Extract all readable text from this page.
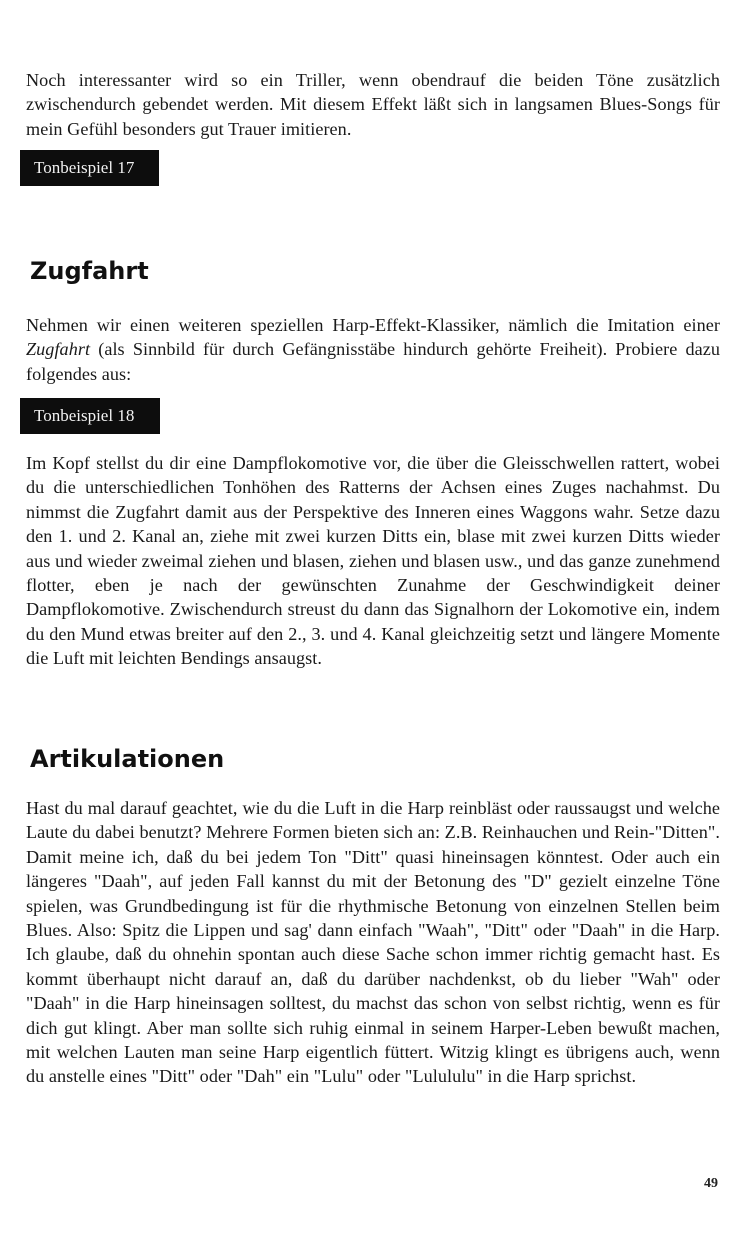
Noch interessanter wird so ein Triller, wenn obendrauf die beiden Töne zusätzlich zwischendurch gebendet werden. Mit diesem Effekt läßt sich in langsamen Blues-Songs für mein Gefühl besonders gut Trauer imitieren.

Tonbeispiel 17
Zugfahrt

Nehmen wir einen weiteren speziellen Harp-Effekt-Klassiker, nämlich die Imitation einer Zugfahrt (als Sinnbild für durch Gefängnisstäbe hindurch gehörte Freiheit). Probiere dazu folgendes aus:

Tonbeispiel 18

Im Kopf stellst du dir eine Dampflokomotive vor, die über die Gleisschwellen rattert, wobei du die unterschiedlichen Tonhöhen des Ratterns der Achsen eines Zuges nachahmst. Du nimmst die Zugfahrt damit aus der Perspektive des Inneren eines Waggons wahr. Setze dazu den 1. und 2. Kanal an, ziehe mit zwei kurzen Ditts ein, blase mit zwei kurzen Ditts wieder aus und wieder zweimal ziehen und blasen, ziehen und blasen usw., und das ganze zunehmend flotter, eben je nach der gewünschten Zunahme der Geschwindigkeit deiner Dampflokomotive. Zwischendurch streust du dann das Signalhorn der Lokomotive ein, indem du den Mund etwas breiter auf den 2., 3. und 4. Kanal gleichzeitig setzt und längere Momente die Luft mit leichten Bendings ansaugst.

Artikulationen

Hast du mal darauf geachtet, wie du die Luft in die Harp reinbläst oder raussaugst und welche Laute du dabei benutzt? Mehrere Formen bieten sich an: Z.B. Reinhauchen und Rein-"Ditten". Damit meine ich, daß du bei jedem Ton "Ditt" quasi hineinsagen könntest. Oder auch ein längeres "Daah", auf jeden Fall kannst du mit der Betonung des "D" gezielt einzelne Töne spielen, was Grundbedingung ist für die rhythmische Betonung von einzelnen Stellen beim Blues. Also: Spitz die Lippen und sag' dann einfach "Waah", "Ditt" oder "Daah" in die Harp. Ich glaube, daß du ohnehin spontan auch diese Sache schon immer richtig gemacht hast. Es kommt überhaupt nicht darauf an, daß du darüber nachdenkst, ob du lieber "Wah" oder "Daah" in die Harp hineinsagen solltest, du machst das schon von selbst richtig, wenn es für dich gut klingt. Aber man sollte sich ruhig einmal in seinem Harper-Leben bewußt machen, mit welchen Lauten man seine Harp eigentlich füttert. Witzig klingt es übrigens auch, wenn du anstelle eines "Ditt" oder "Dah" ein "Lulu" oder "Lulululu" in die Harp sprichst.

49
